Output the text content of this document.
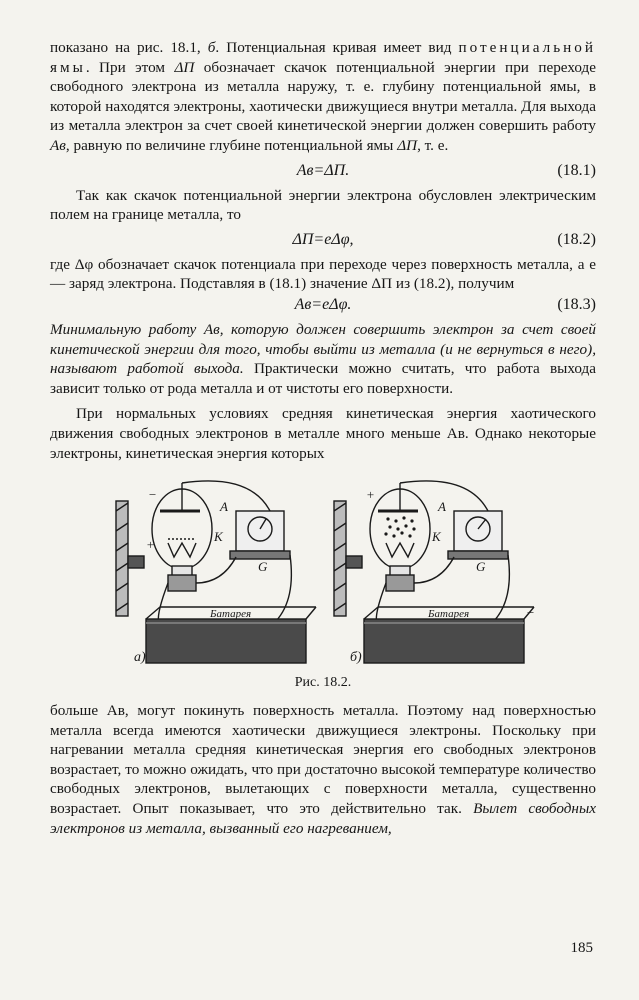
показано на рис. 18.1, б. Потенциальная кривая имеет вид потенциальной ямы. При этом ΔП обозначает скачок потенциальной энергии при переходе свободного электрона из металла наружу, т. е. глубину потенциальной ямы, в которой находятся электроны, хаотически движущиеся внутри металла. Для выхода из металла электрон за счет своей кинетической энергии должен совершить работу Aв, равную по величине глубине потенциальной ямы ΔП, т. е.

Aв=ΔП.	(18.1)

Так как скачок потенциальной энергии электрона обусловлен электрическим полем на границе металла, то

ΔП=eΔφ,	(18.2)

где Δφ обозначает скачок потенциала при переходе через поверхность металла, а e — заряд электрона. Подставляя в (18.1) значение ΔП из (18.2), получим

Aв=eΔφ.	(18.3)

Минимальную работу Aв, которую должен совершить электрон за счет своей кинетической энергии для того, чтобы выйти из металла (и не вернуться в него), называют работой выхода. Практически можно считать, что работа выхода зависит только от рода металла и от чистоты его поверхности.

При нормальных условиях средняя кинетическая энергия хаотического движения свободных электронов в металле много меньше Aв. Однако некоторые электроны, кинетическая энергия которых

−
+
А
К
G
Батарея
а)
+
А
К
G
Батарея	−
б)
Рис. 18.2.

больше Aв, могут покинуть поверхность металла. Поэтому над поверхностью металла всегда имеются хаотически движущиеся электроны. Поскольку при нагревании металла средняя кинетическая энергия его свободных электронов возрастает, то можно ожидать, что при достаточно высокой температуре количество свободных электронов, вылетающих с поверхности металла, существенно возрастает. Опыт показывает, что это действительно так. Вылет свободных электронов из металла, вызванный его нагреванием,

185
